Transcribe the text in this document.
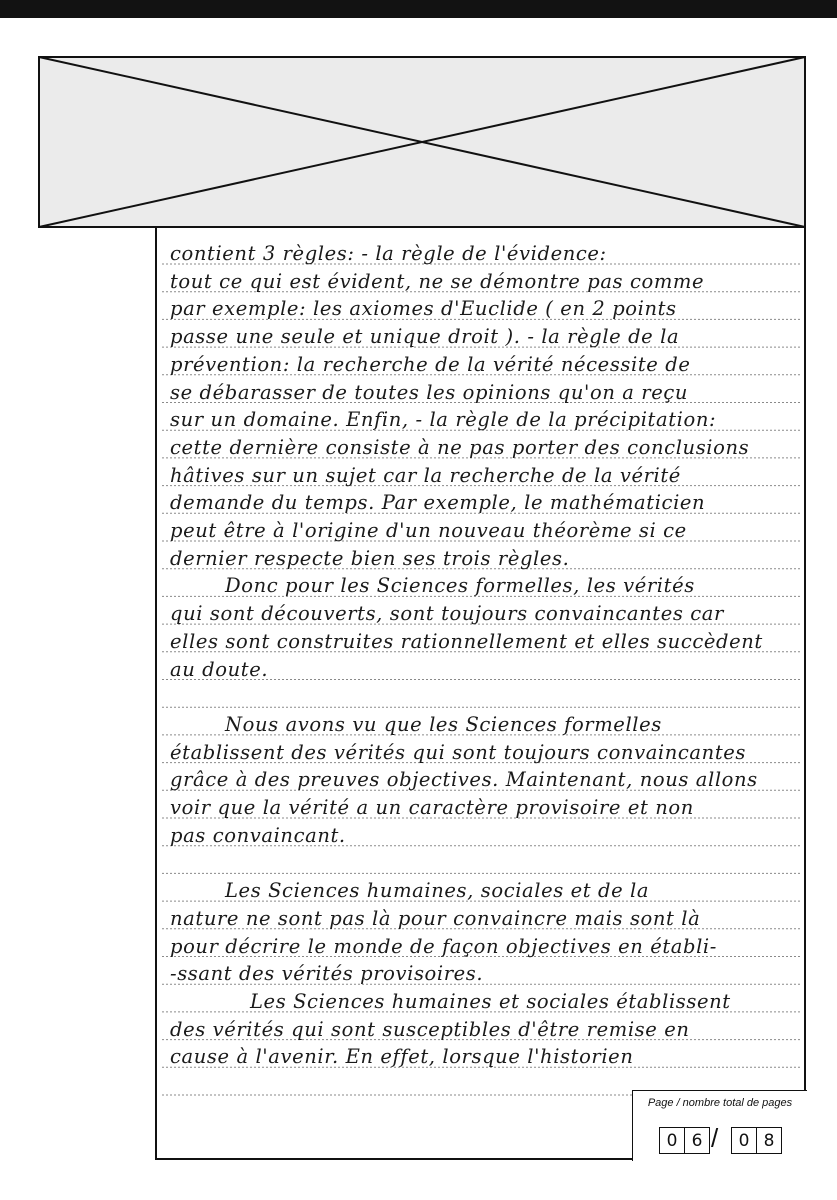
contient 3 règles: - la règle de l'évidence:
tout ce qui est évident, ne se démontre pas comme
par exemple: les axiomes d'Euclide ( en 2 points
passe une seule et unique droit ). - la règle de la
prévention: la recherche de la vérité nécessite de
se débarasser de toutes les opinions qu'on a reçu
sur un domaine. Enfin, - la règle de la précipitation:
cette dernière consiste à ne pas porter des conclusions
hâtives sur un sujet car la recherche de la vérité
demande du temps. Par exemple, le mathématicien
peut être à l'origine d'un nouveau théorème si ce
dernier respecte bien ses trois règles.
Donc pour les Sciences formelles, les vérités
qui sont découverts, sont toujours convaincantes car
elles sont construites rationnellement et elles succèdent
au doute.
Nous avons vu que les Sciences formelles
établissent des vérités qui sont toujours convaincantes
grâce à des preuves objectives. Maintenant, nous allons
voir que la vérité a un caractère provisoire et non
pas convaincant.
Les Sciences humaines, sociales et de la
nature ne sont pas là pour convaincre mais sont là
pour décrire le monde de façon objectives en établi-
-ssant des vérités provisoires.
Les Sciences humaines et sociales établissent
des vérités qui sont susceptibles d'être remise en
cause à l'avenir. En effet, lorsque l'historien
Page / nombre total de pages
0 6 /	0 8
